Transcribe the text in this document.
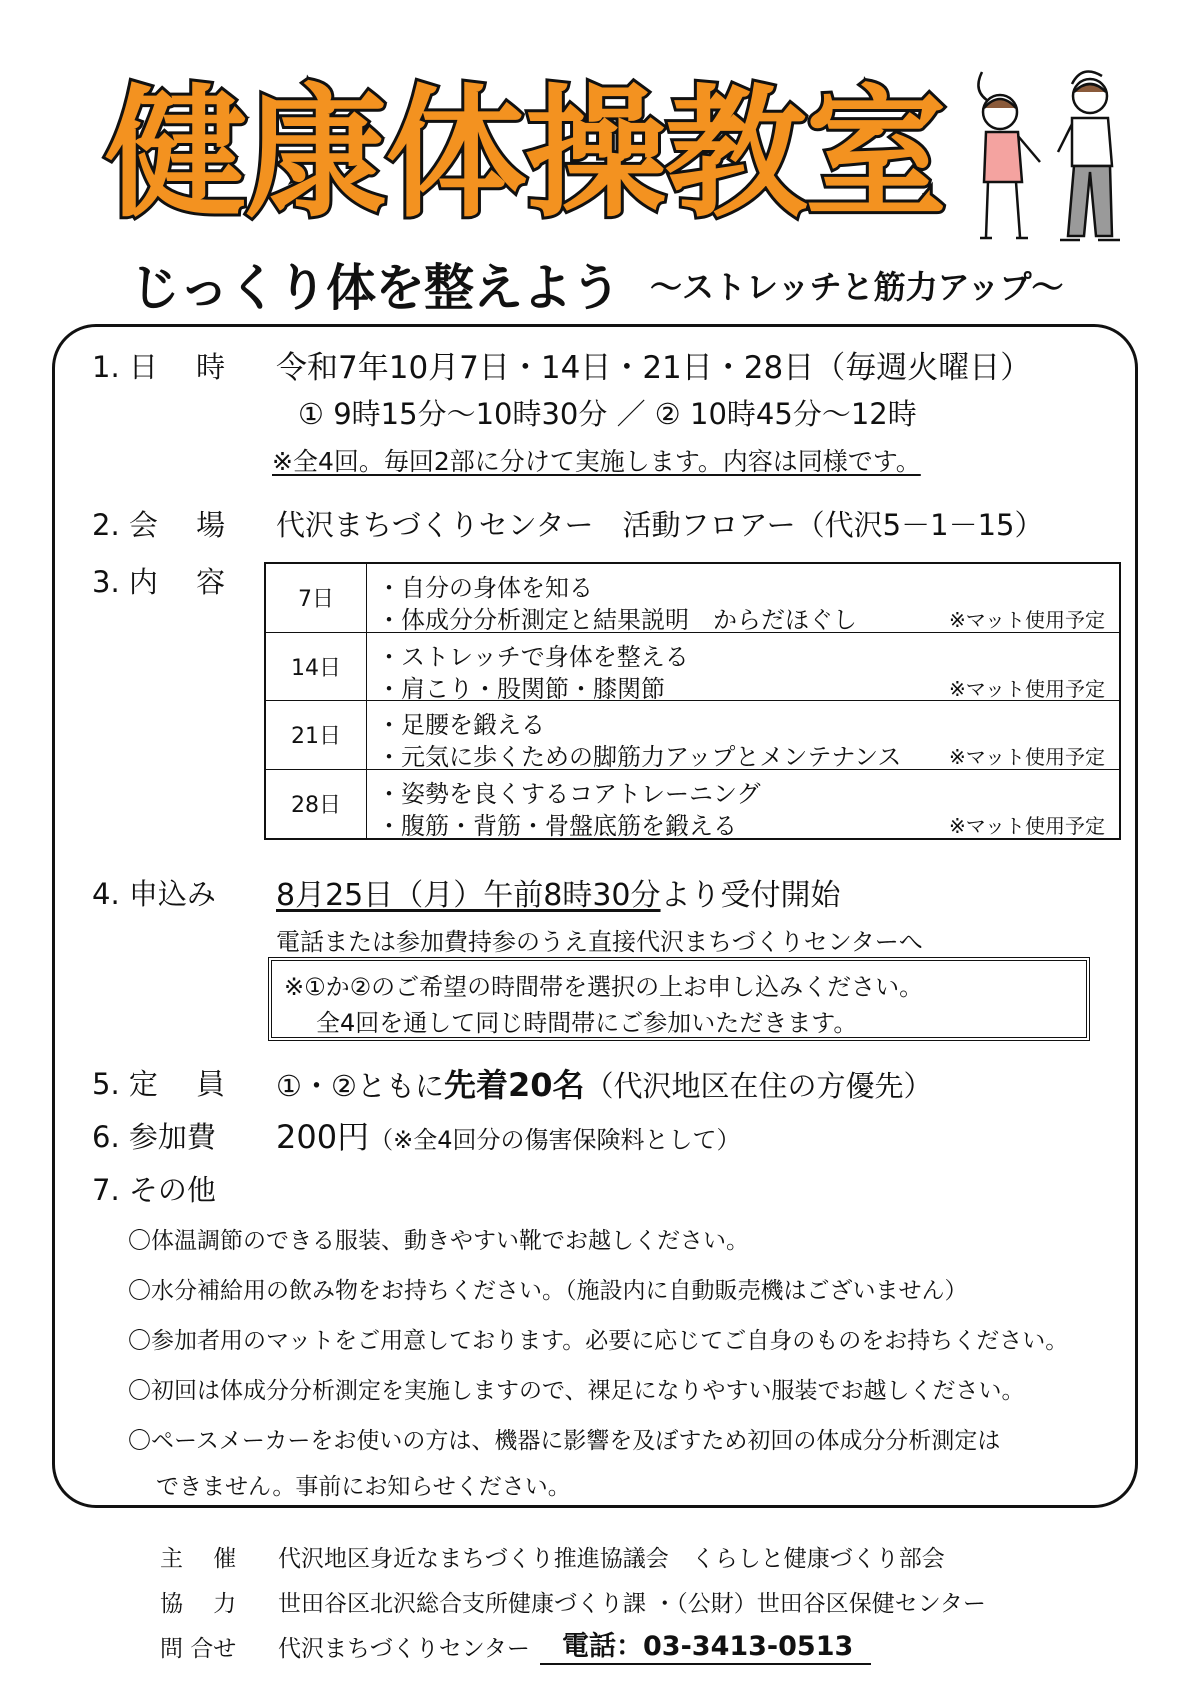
健康体操教室
じっくり体を整えよう ～ストレッチと筋力アップ～
1. 日　 時 令和7年10月7日・14日・21日・28日（毎週火曜日）
① 9時15分～10時30分 ／ ② 10時45分～12時
※全4回。毎回2部に分けて実施します。内容は同様です。
2. 会　 場 代沢まちづくりセンター　活動フロアー（代沢5－1－15）
3. 内　 容
7日	・自分の身体を知る
・体成分分析測定と結果説明　からだほぐし	※マット使用予定
14日	・ストレッチで身体を整える
・肩こり・股関節・膝関節	※マット使用予定
21日	・足腰を鍛える
・元気に歩くための脚筋力アップとメンテナンス ※マット使用予定
28日	・姿勢を良くするコアトレーニング
・腹筋・背筋・骨盤底筋を鍛える	※マット使用予定
4. 申込み 8月25日（月）午前8時30分より受付開始
電話または参加費持参のうえ直接代沢まちづくりセンターへ
※①か②のご希望の時間帯を選択の上お申し込みください。
全4回を通して同じ時間帯にご参加いただきます。
5. 定　 員 ①・②ともに先着20名（代沢地区在住の方優先）
6. 参加費 200円（※全4回分の傷害保険料として）
7. その他
〇体温調節のできる服装、動きやすい靴でお越しください。
〇水分補給用の飲み物をお持ちください。（施設内に自動販売機はございません）
〇参加者用のマットをご用意しております。必要に応じてご自身のものをお持ちください。
〇初回は体成分分析測定を実施しますので、裸足になりやすい服装でお越しください。
〇ペースメーカーをお使いの方は、機器に影響を及ぼすため初回の体成分分析測定は
できません。事前にお知らせください。
主　 催 代沢地区身近なまちづくり推進協議会　くらしと健康づくり部会
協　 力 世田谷区北沢総合支所健康づくり課 ・（公財）世田谷区保健センター
問 合せ 代沢まちづくりセンター	電話：03-3413-0513
